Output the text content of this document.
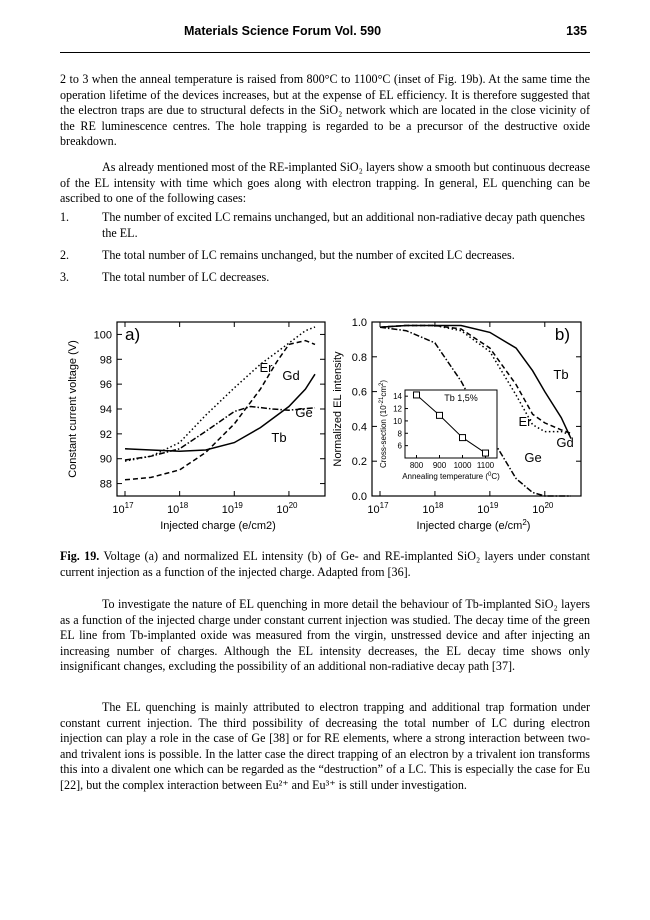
Materials Science Forum Vol. 590	135

2 to 3 when the anneal temperature is raised from 800°C to 1100°C (inset of Fig. 19b). At the same time the operation lifetime of the devices increases, but at the expense of EL efficiency. It is therefore suggested that the electron traps are due to structural defects in the SiO₂ network which are located in the close vicinity of the RE luminescence centres. The hole trapping is regarded to be a precursor of the destructive oxide breakdown.

As already mentioned most of the RE-implanted SiO₂ layers show a smooth but continuous decrease of the EL intensity with time which goes along with electron trapping. In general, EL quenching can be ascribed to one of the following cases:

1.	The number of excited LC remains unchanged, but an additional non-radiative decay path quenches the EL.
2.	The total number of LC remains unchanged, but the number of excited LC decreases.
3.	The total number of LC decreases.
88
90
92
94
96
98
100
$10^{17}$	$10^{18}$	$10^{19}$	$10^{20}$
Injected charge (e/cm2)
Constant current voltage (V)
a)
Er
Gd
Ge
Tb
0.0
0.2
0.4
0.6
0.8
1.0
$10^{17}$	$10^{18}$	$10^{19}$	$10^{20}$
Injected charge $(e/cm^2)$
Normalized EL intensity
b)
Tb
Er
Gd
Ge
6
8
10
12
14
800 900 1000 1100
Tb 1,5%
Annealing temperature ($^0$C)
Cross-section $(10^{-21}cm^2)$

Fig. 19. Voltage (a) and normalized EL intensity (b) of Ge- and RE-implanted SiO₂ layers under constant current injection as a function of the injected charge. Adapted from [36].

To investigate the nature of EL quenching in more detail the behaviour of Tb-implanted SiO₂ layers as a function of the injected charge under constant current injection was studied. The decay time of the green EL line from Tb-implanted oxide was measured from the virgin, unstressed device and after injecting an increasing number of charges. Although the EL intensity decreases, the EL decay time shows only insignificant changes, excluding the possibility of an additional non-radiative decay path [37].

The EL quenching is mainly attributed to electron trapping and additional trap formation under constant current injection. The third possibility of decreasing the total number of LC during electron injection can play a role in the case of Ge [38] or for RE elements, where a strong interaction between two- and trivalent ions is possible. In the latter case the direct trapping of an electron by a trivalent ion transforms this into a divalent one which can be regarded as the “destruction” of a LC. This is especially the case for Eu [22], but the complex interaction between Eu²⁺ and Eu³⁺ is still under investigation.
